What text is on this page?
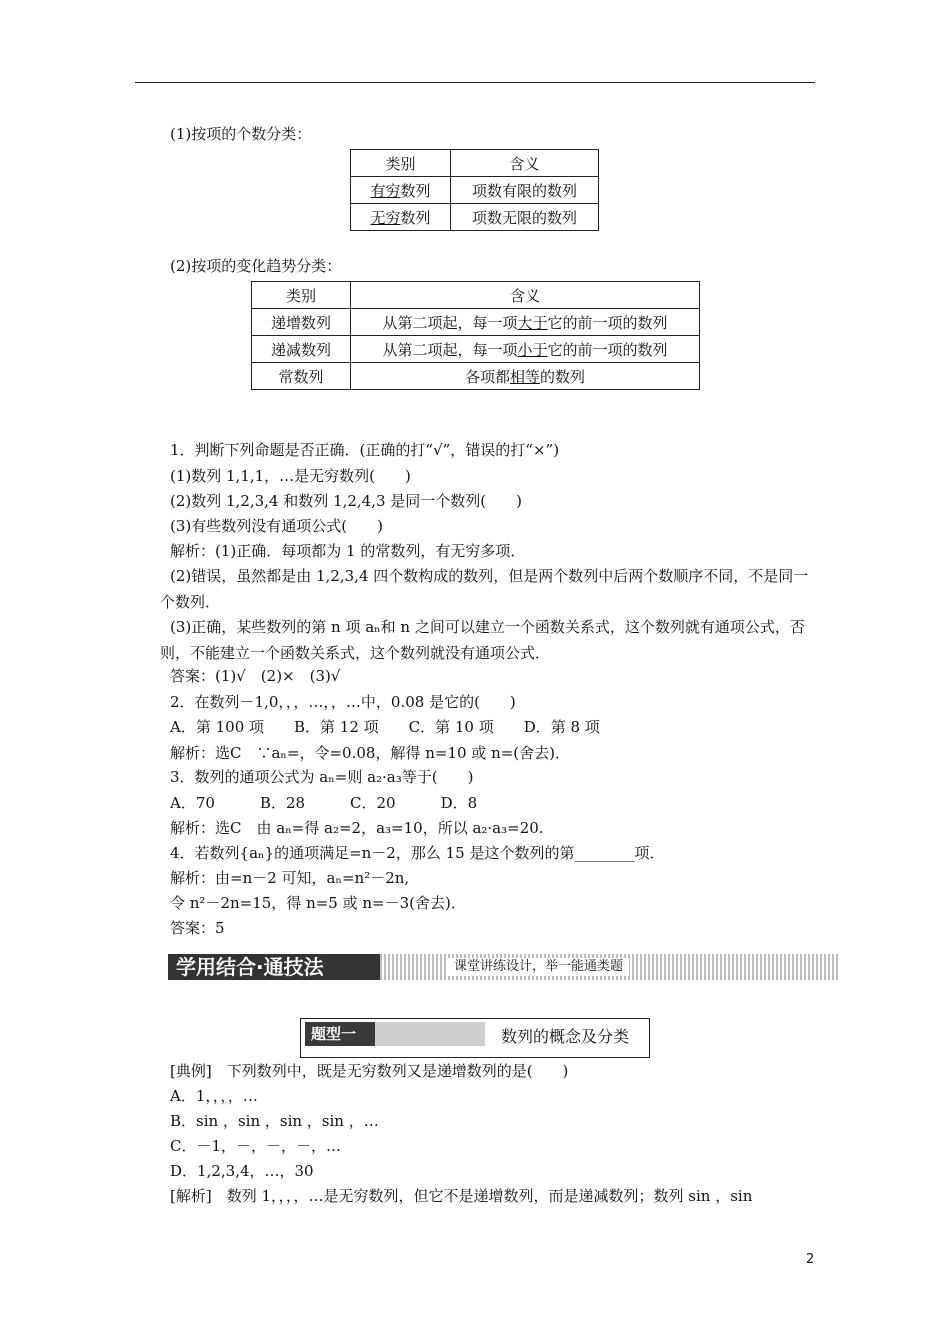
(1)按项的个数分类：
类别	含义
有穷数列	项数有限的数列
无穷数列	项数无限的数列
(2)按项的变化趋势分类：
类别	含义
递增数列	从第二项起，每一项大于它的前一项的数列
递减数列	从第二项起，每一项小于它的前一项的数列
常数列	各项都相等的数列
1．判断下列命题是否正确．(正确的打“√”，错误的打“×”)
(1)数列 1,1,1，…是无穷数列(　　)
(2)数列 1,2,3,4 和数列 1,2,4,3 是同一个数列(　　)
(3)有些数列没有通项公式(　　)
解析：(1)正确．每项都为 1 的常数列，有无穷多项．
(2)错误，虽然都是由 1,2,3,4 四个数构成的数列，但是两个数列中后两个数顺序不同，不是同一个数列．
(3)正确，某些数列的第 n 项 aₙ和 n 之间可以建立一个函数关系式，这个数列就有通项公式，否则，不能建立一个函数关系式，这个数列就没有通项公式．
答案：(1)√　(2)×　(3)√
2．在数列－1,0，，，…，，…中，0.08 是它的(　　)
A．第 100 项　　B．第 12 项　　C．第 10 项　　D．第 8 项
解析：选C　∵aₙ=，令=0.08，解得 n=10 或 n=(舍去)．
3．数列的通项公式为 aₙ=则 a₂·a₃等于(　　)
A．70　　　B．28　　　C．20　　　D．8
解析：选C　由 aₙ=得 a₂=2，a₃=10，所以 a₂·a₃=20.
4．若数列{aₙ}的通项满足=n－2，那么 15 是这个数列的第________项．
解析：由=n－2 可知，aₙ=n²－2n,
令 n²－2n=15，得 n=5 或 n=－3(舍去)．
答案：5
学用结合·通技法	课堂讲练设计，举一能通类题
题型一	数列的概念及分类
[典例]　下列数列中，既是无穷数列又是递增数列的是(　　)
A．1，，，，…
B．sin ，sin ，sin ，sin ，…
C．－1，－，－，－，…
D．1,2,3,4，…，30
[解析]　数列 1，，，，…是无穷数列，但它不是递增数列，而是递减数列；数列 sin ，sin
2
